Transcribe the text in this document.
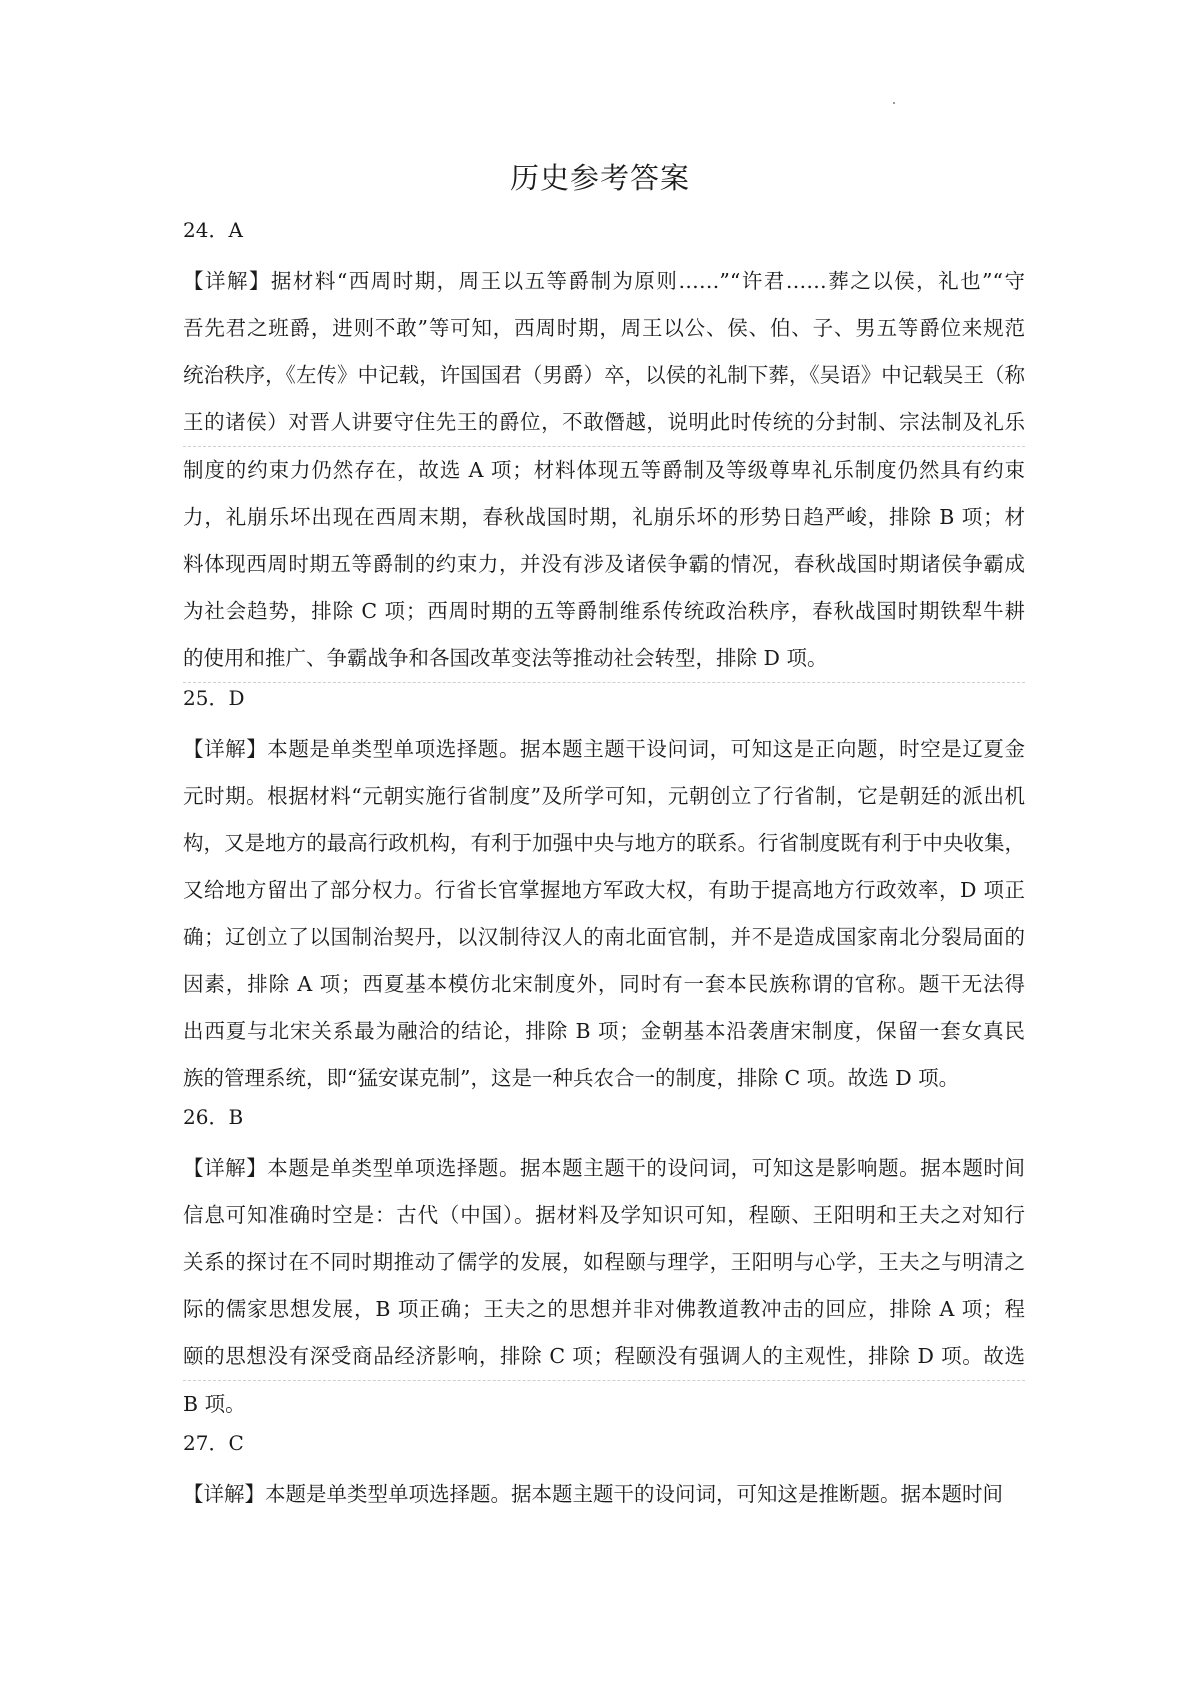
历史参考答案
24．A
【详解】据材料“西周时期，周王以五等爵制为原则……”“许君……葬之以侯，礼也”“守
吾先君之班爵，进则不敢”等可知，西周时期，周王以公、侯、伯、子、男五等爵位来规范
统治秩序，《左传》中记载，许国国君（男爵）卒，以侯的礼制下葬，《吴语》中记载吴王（称
王的诸侯）对晋人讲要守住先王的爵位，不敢僭越，说明此时传统的分封制、宗法制及礼乐
制度的约束力仍然存在，故选 A 项；材料体现五等爵制及等级尊卑礼乐制度仍然具有约束
力，礼崩乐坏出现在西周末期，春秋战国时期，礼崩乐坏的形势日趋严峻，排除 B 项；材
料体现西周时期五等爵制的约束力，并没有涉及诸侯争霸的情况，春秋战国时期诸侯争霸成
为社会趋势，排除 C 项；西周时期的五等爵制维系传统政治秩序，春秋战国时期铁犁牛耕
的使用和推广、争霸战争和各国改革变法等推动社会转型，排除 D 项。
25．D
【详解】本题是单类型单项选择题。据本题主题干设问词，可知这是正向题，时空是辽夏金
元时期。根据材料“元朝实施行省制度”及所学可知，元朝创立了行省制，它是朝廷的派出机
构，又是地方的最高行政机构，有利于加强中央与地方的联系。行省制度既有利于中央收集，
又给地方留出了部分权力。行省长官掌握地方军政大权，有助于提高地方行政效率，D 项正
确；辽创立了以国制治契丹，以汉制待汉人的南北面官制，并不是造成国家南北分裂局面的
因素，排除 A 项；西夏基本模仿北宋制度外，同时有一套本民族称谓的官称。题干无法得
出西夏与北宋关系最为融洽的结论，排除 B 项；金朝基本沿袭唐宋制度，保留一套女真民
族的管理系统，即“猛安谋克制”，这是一种兵农合一的制度，排除 C 项。故选 D 项。
26．B
【详解】本题是单类型单项选择题。据本题主题干的设问词，可知这是影响题。据本题时间
信息可知准确时空是：古代（中国）。据材料及学知识可知，程颐、王阳明和王夫之对知行
关系的探讨在不同时期推动了儒学的发展，如程颐与理学，王阳明与心学，王夫之与明清之
际的儒家思想发展，B 项正确；王夫之的思想并非对佛教道教冲击的回应，排除 A 项；程
颐的思想没有深受商品经济影响，排除 C 项；程颐没有强调人的主观性，排除 D 项。故选
B 项。
27．C
【详解】本题是单类型单项选择题。据本题主题干的设问词，可知这是推断题。据本题时间
